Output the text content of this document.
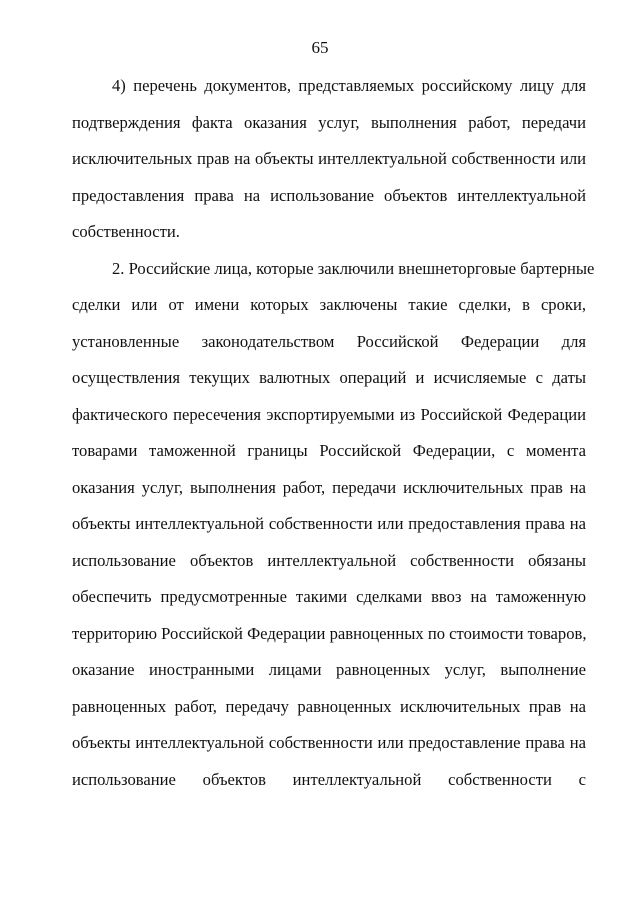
65
4) перечень документов, представляемых российскому лицу для
подтверждения факта оказания услуг, выполнения работ, передачи
исключительных прав на объекты интеллектуальной собственности или
предоставления права на использование объектов интеллектуальной
собственности.
2. Российские лица, которые заключили внешнеторговые бартерные
сделки или от имени которых заключены такие сделки, в сроки,
установленные законодательством Российской Федерации для
осуществления текущих валютных операций и исчисляемые с даты
фактического пересечения экспортируемыми из Российской Федерации
товарами таможенной границы Российской Федерации, с момента
оказания услуг, выполнения работ, передачи исключительных прав на
объекты интеллектуальной собственности или предоставления права на
использование объектов интеллектуальной собственности обязаны
обеспечить предусмотренные такими сделками ввоз на таможенную
территорию Российской Федерации равноценных по стоимости товаров,
оказание иностранными лицами равноценных услуг, выполнение
равноценных работ, передачу равноценных исключительных прав на
объекты интеллектуальной собственности или предоставление права на
использование объектов интеллектуальной собственности с
